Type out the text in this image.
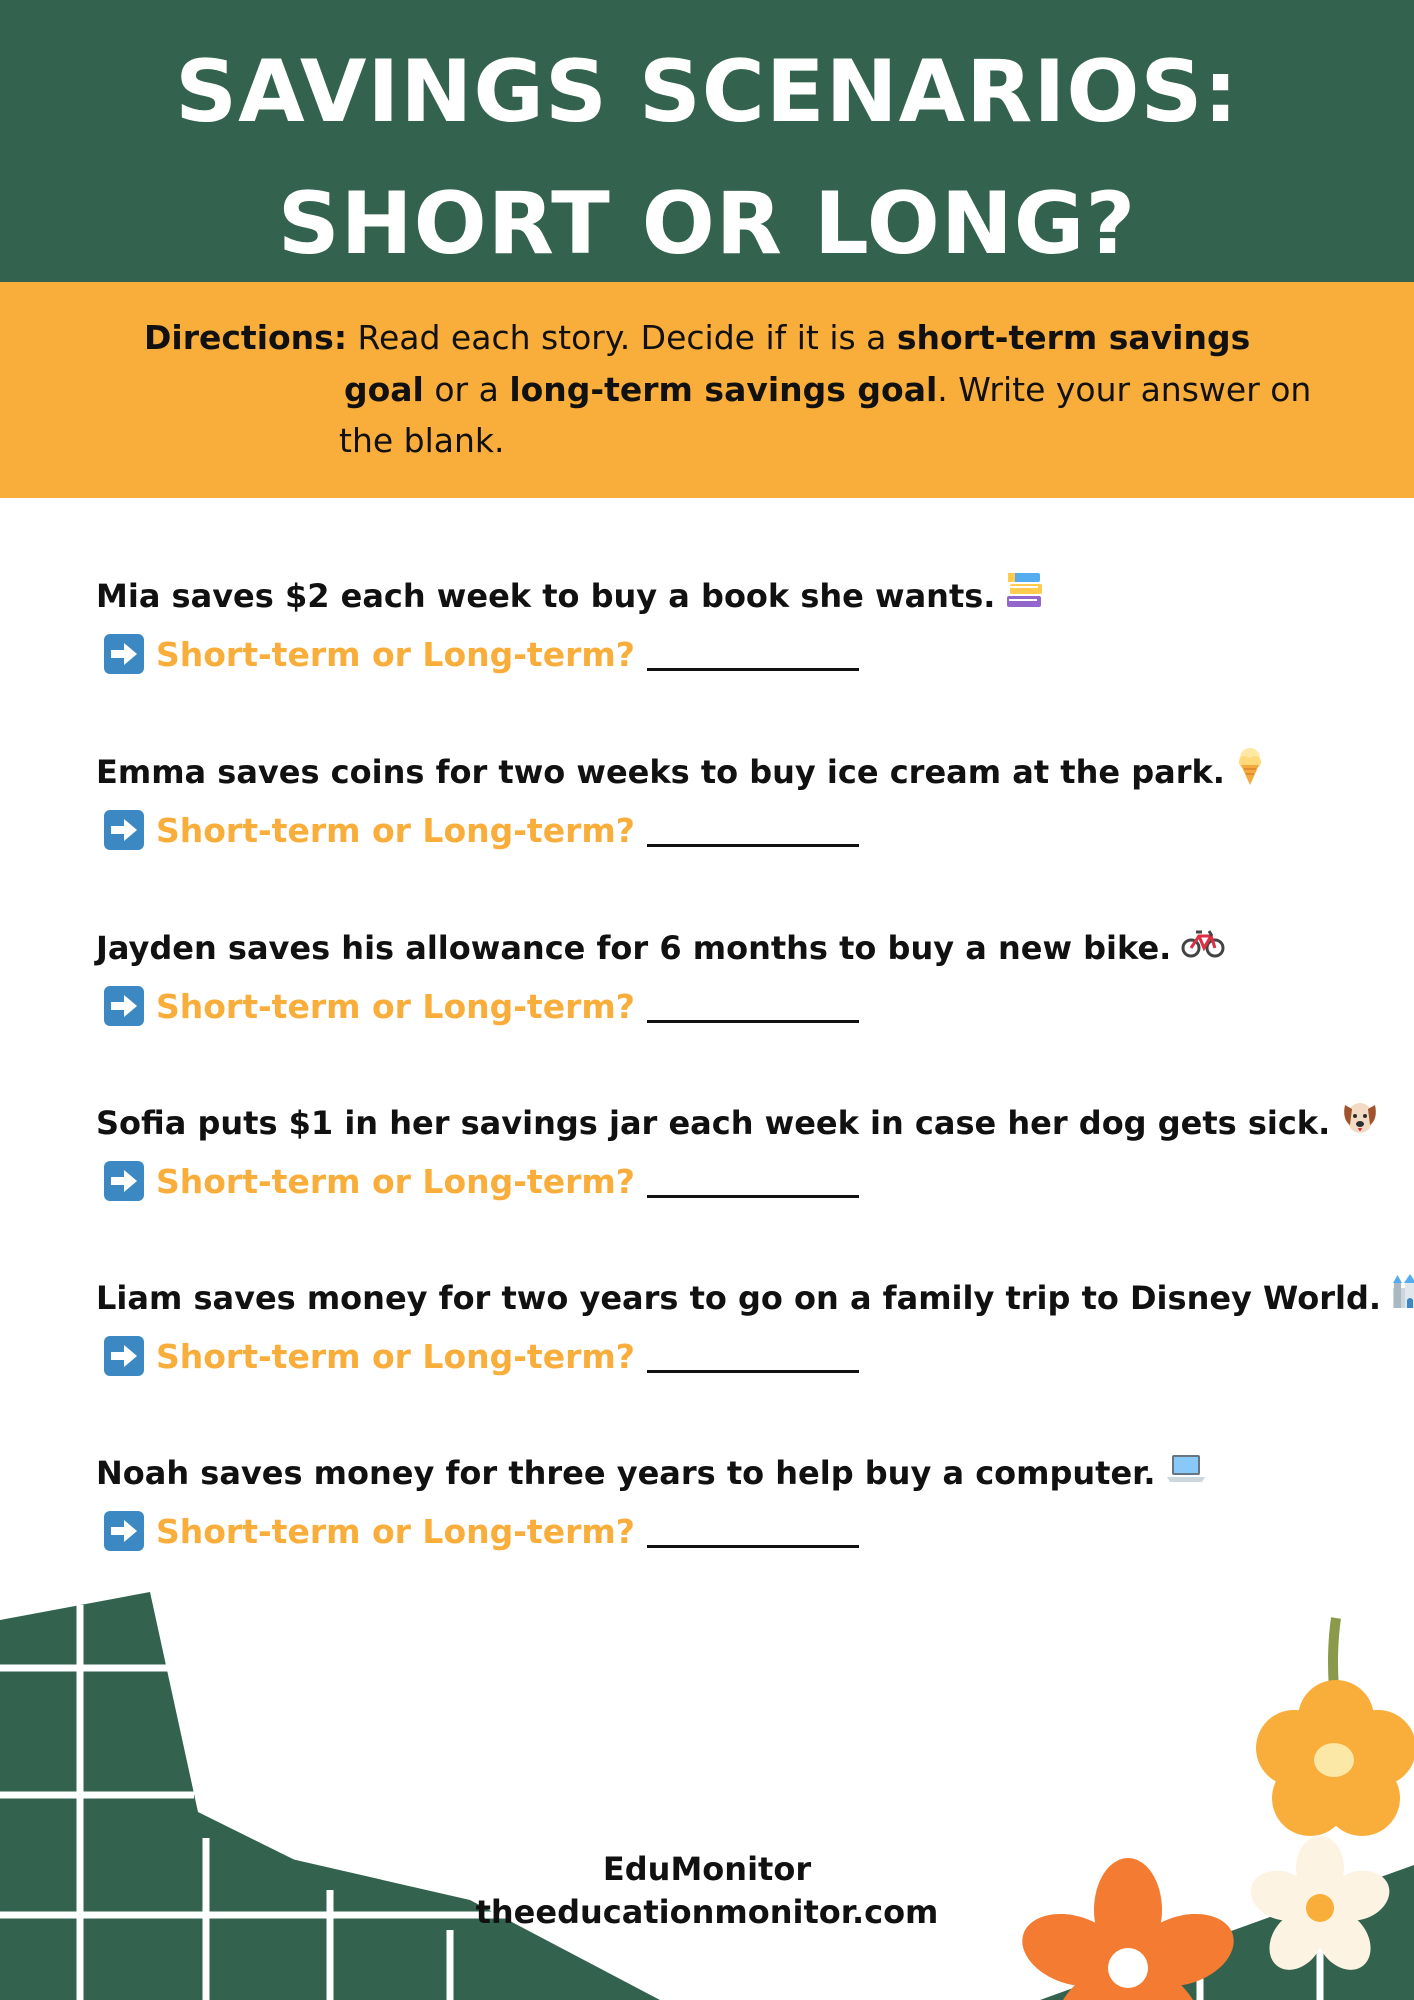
SAVINGS SCENARIOS:
SHORT OR LONG?
Directions: Read each story. Decide if it is a short-term savings
goal or a long-term savings goal. Write your answer on
the blank.
Mia saves $2 each week to buy a book she wants.
Short-term or Long-term?
Emma saves coins for two weeks to buy ice cream at the park.
Short-term or Long-term?
Jayden saves his allowance for 6 months to buy a new bike.
Short-term or Long-term?
Sofia puts $1 in her savings jar each week in case her dog gets sick.
Short-term or Long-term?
Liam saves money for two years to go on a family trip to Disney World.
Short-term or Long-term?
Noah saves money for three years to help buy a computer.
Short-term or Long-term?
EduMonitor
theeducationmonitor.com
